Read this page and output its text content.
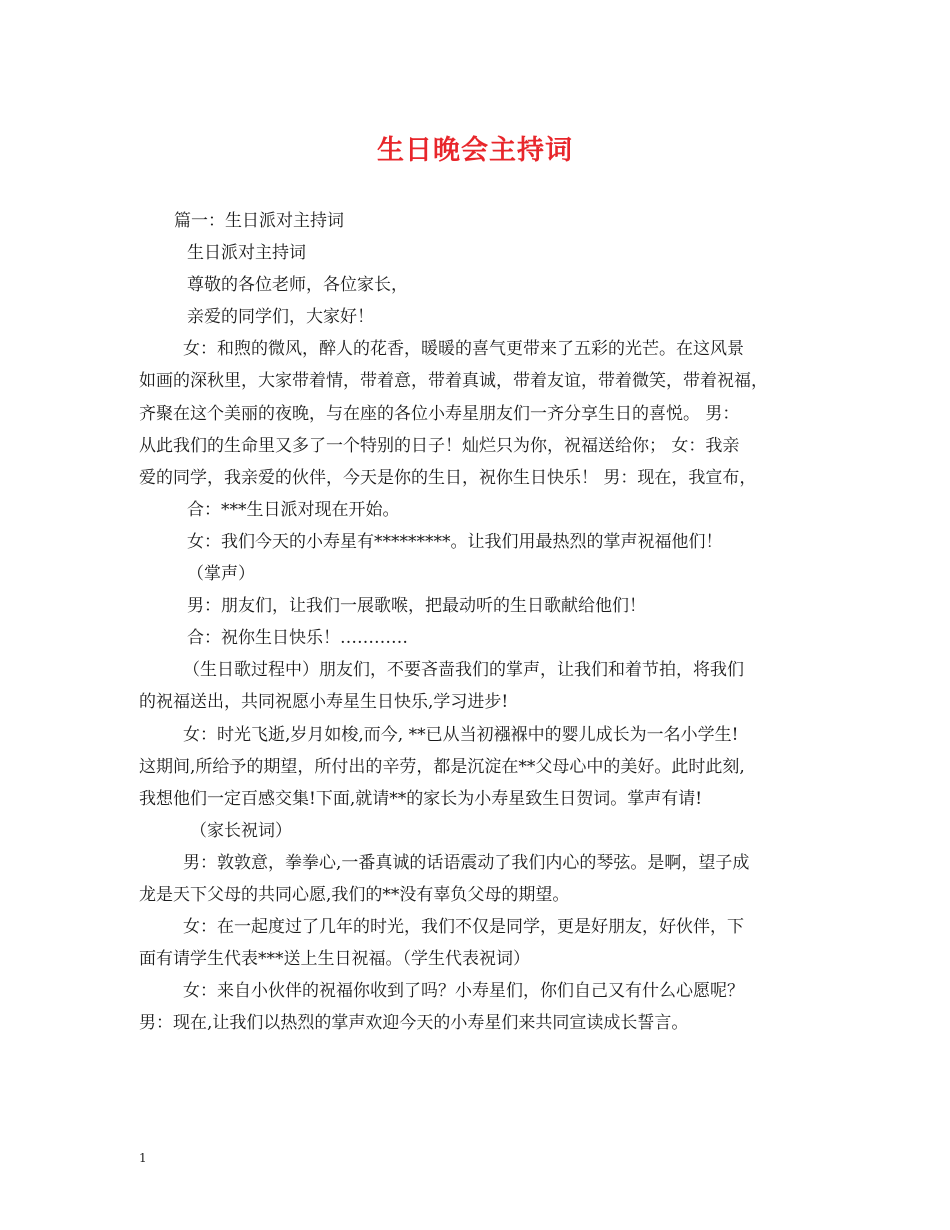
生日晚会主持词
篇一：生日派对主持词
生日派对主持词
尊敬的各位老师，各位家长，
亲爱的同学们，大家好！
女：和煦的微风，醉人的花香，暖暖的喜气更带来了五彩的光芒。在这风景
如画的深秋里，大家带着情，带着意，带着真诚，带着友谊，带着微笑，带着祝福，
齐聚在这个美丽的夜晚，与在座的各位小寿星朋友们一齐分享生日的喜悦。 男：
从此我们的生命里又多了一个特别的日子！灿烂只为你，祝福送给你； 女：我亲
爱的同学，我亲爱的伙伴，今天是你的生日，祝你生日快乐！ 男：现在，我宣布，
合：***生日派对现在开始。
女：我们今天的小寿星有*********。让我们用最热烈的掌声祝福他们！
（掌声）
男：朋友们，让我们一展歌喉，把最动听的生日歌献给他们！
合：祝你生日快乐！…………
（生日歌过程中）朋友们，不要吝啬我们的掌声，让我们和着节拍，将我们
的祝福送出，共同祝愿小寿星生日快乐,学习进步!
女：时光飞逝,岁月如梭,而今, **已从当初襁褓中的婴儿成长为一名小学生!
这期间,所给予的期望，所付出的辛劳，都是沉淀在**父母心中的美好。此时此刻,
我想他们一定百感交集!下面,就请**的家长为小寿星致生日贺词。掌声有请!
（家长祝词）
男：敦敦意，拳拳心,一番真诚的话语震动了我们内心的琴弦。是啊，望子成
龙是天下父母的共同心愿,我们的**没有辜负父母的期望。
女：在一起度过了几年的时光，我们不仅是同学，更是好朋友，好伙伴，下
面有请学生代表***送上生日祝福。（学生代表祝词）
女：来自小伙伴的祝福你收到了吗？小寿星们，你们自己又有什么心愿呢？
男：现在,让我们以热烈的掌声欢迎今天的小寿星们来共同宣读成长誓言。
1
